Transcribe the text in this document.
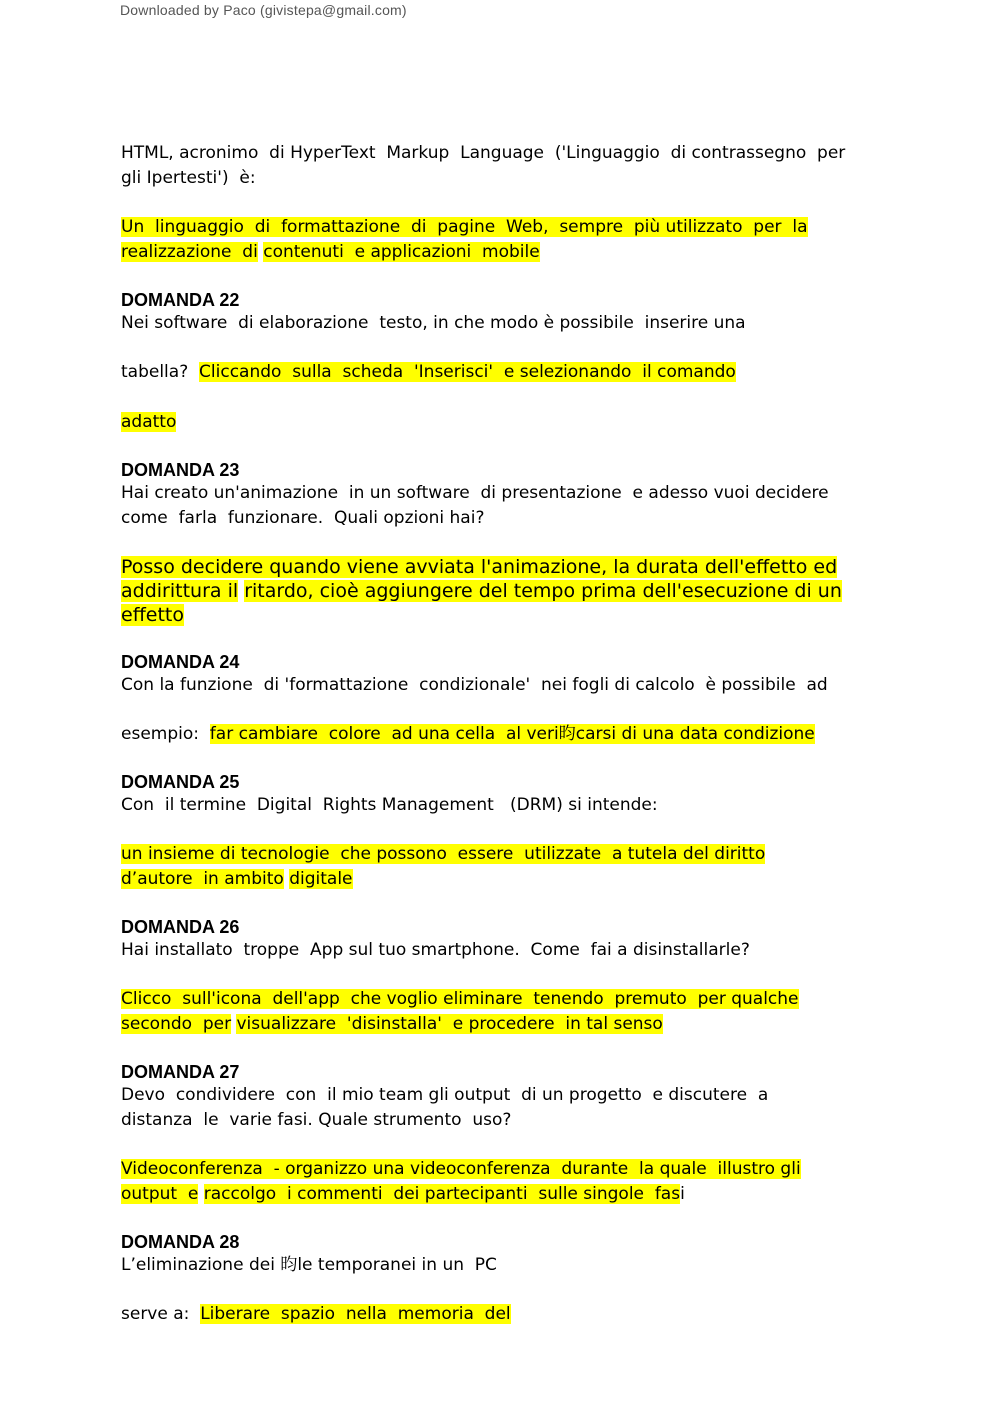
Downloaded by Paco (givistepa@gmail.com)

HTML, acronimo  di HyperText  Markup  Language  ('Linguaggio  di contrassegno  per

gli Ipertesti')  è:

Un  linguaggio  di  formattazione  di  pagine  Web,  sempre  più utilizzato  per  la

realizzazione  di contenuti  e applicazioni  mobile

DOMANDA 22

Nei software  di elaborazione  testo, in che modo è possibile  inserire una

tabella?  Cliccando  sulla  scheda  'Inserisci'  e selezionando  il comando

adatto

DOMANDA 23

Hai creato un'animazione  in un software  di presentazione  e adesso vuoi decidere

come  farla  funzionare.  Quali opzioni hai?

Posso decidere quando viene avviata l'animazione, la durata dell'effetto ed

addirittura il ritardo, cioè aggiungere del tempo prima dell'esecuzione di un

effetto

DOMANDA 24

Con la funzione  di 'formattazione  condizionale'  nei fogli di calcolo  è possibile  ad

esempio:  far cambiare  colore  ad una cella  al veri昀carsi di una data condizione

DOMANDA 25

Con  il termine  Digital  Rights Management   (DRM) si intende:

un insieme di tecnologie  che possono  essere  utilizzate  a tutela del diritto

d’autore  in ambito digitale

DOMANDA 26

Hai installato  troppe  App sul tuo smartphone.  Come  fai a disinstallarle?

Clicco  sull'icona  dell'app  che voglio eliminare  tenendo  premuto  per qualche

secondo  per visualizzare  'disinstalla'  e procedere  in tal senso

DOMANDA 27

Devo  condividere  con  il mio team gli output  di un progetto  e discutere  a

distanza  le  varie fasi. Quale strumento  uso?

Videoconferenza  - organizzo una videoconferenza  durante  la quale  illustro gli

output  e raccolgo  i commenti  dei partecipanti  sulle singole  fasi

DOMANDA 28

L’eliminazione dei 昀le temporanei in un  PC

serve a:  Liberare  spazio  nella  memoria  del
